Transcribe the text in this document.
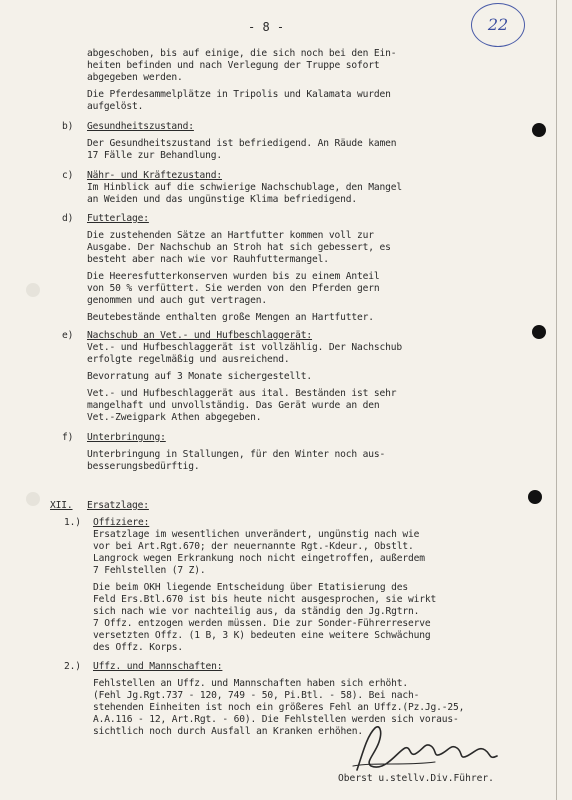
- 8 -	22
abgeschoben, bis auf einige, die sich noch bei den Ein-
heiten befinden und nach Verlegung der Truppe sofort
abgegeben werden.
Die Pferdesammelplätze in Tripolis und Kalamata wurden
aufgelöst.
b) Gesundheitszustand:
Der Gesundheitszustand ist befriedigend. An Räude kamen
17 Fälle zur Behandlung.
c) Nähr- und Kräftezustand:
Im Hinblick auf die schwierige Nachschublage, den Mangel
an Weiden und das ungünstige Klima befriedigend.
d) Futterlage:
Die zustehenden Sätze an Hartfutter kommen voll zur
Ausgabe. Der Nachschub an Stroh hat sich gebessert, es
besteht aber nach wie vor Rauhfuttermangel.
Die Heeresfutterkonserven wurden bis zu einem Anteil
von 50 % verfüttert. Sie werden von den Pferden gern
genommen und auch gut vertragen.
Beutebestände enthalten große Mengen an Hartfutter.
e) Nachschub an Vet.- und Hufbeschlaggerät:
Vet.- und Hufbeschlaggerät ist vollzählig. Der Nachschub
erfolgte regelmäßig und ausreichend.
Bevorratung auf 3 Monate sichergestellt.
Vet.- und Hufbeschlaggerät aus ital. Beständen ist sehr
mangelhaft und unvollständig. Das Gerät wurde an den
Vet.-Zweigpark Athen abgegeben.
f) Unterbringung:
Unterbringung in Stallungen, für den Winter noch aus-
besserungsbedürftig.
XII. Ersatzlage:
1.) Offiziere:
Ersatzlage im wesentlichen unverändert, ungünstig nach wie
vor bei Art.Rgt.670; der neuernannte Rgt.-Kdeur., Obstlt.
Langrock wegen Erkrankung noch nicht eingetroffen, außerdem
7 Fehlstellen (7 Z).
Die beim OKH liegende Entscheidung über Etatisierung des
Feld Ers.Btl.670 ist bis heute nicht ausgesprochen, sie wirkt
sich nach wie vor nachteilig aus, da ständig den Jg.Rgtrn.
7 Offz. entzogen werden müssen. Die zur Sonder-Führerreserve
versetzten Offz. (1 B, 3 K) bedeuten eine weitere Schwächung
des Offz. Korps.
2.) Uffz. und Mannschaften:
Fehlstellen an Uffz. und Mannschaften haben sich erhöht.
(Fehl Jg.Rgt.737 - 120, 749 - 50, Pi.Btl. - 58). Bei nach-
stehenden Einheiten ist noch ein größeres Fehl an Uffz.(Pz.Jg.-25,
A.A.116 - 12, Art.Rgt. - 60). Die Fehlstellen werden sich voraus-
sichtlich noch durch Ausfall an Kranken erhöhen.
Oberst u.stellv.Div.Führer.
